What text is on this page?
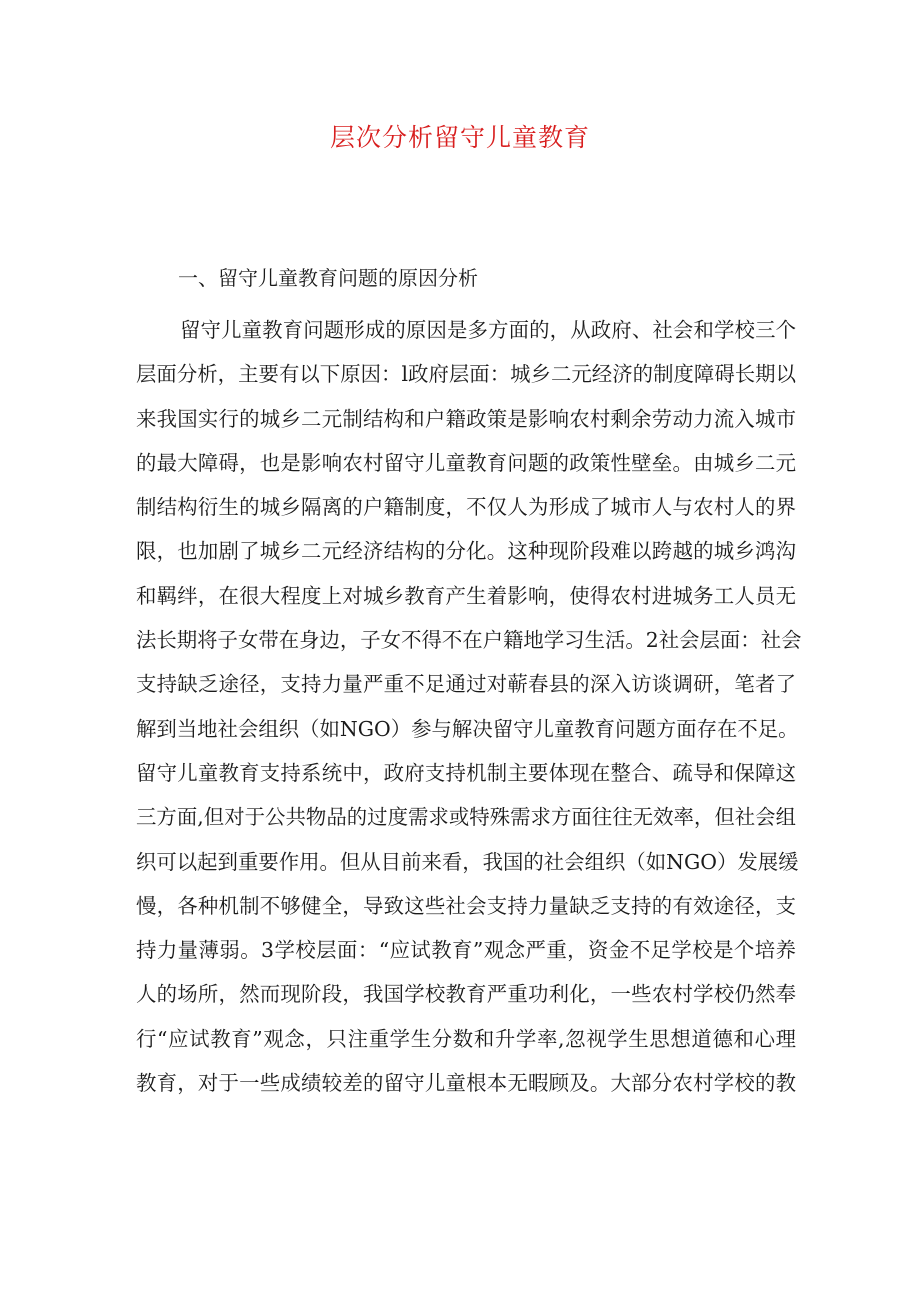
层次分析留守儿童教育
一、留守儿童教育问题的原因分析
留守儿童教育问题形成的原因是多方面的，从政府、社会和学校三个
层面分析，主要有以下原因：l政府层面：城乡二元经济的制度障碍长期以
来我国实行的城乡二元制结构和户籍政策是影响农村剩余劳动力流入城市
的最大障碍，也是影响农村留守儿童教育问题的政策性壁垒。由城乡二元
制结构衍生的城乡隔离的户籍制度，不仅人为形成了城市人与农村人的界
限，也加剧了城乡二元经济结构的分化。这种现阶段难以跨越的城乡鸿沟
和羁绊，在很大程度上对城乡教育产生着影响，使得农村进城务工人员无
法长期将子女带在身边，子女不得不在户籍地学习生活。2社会层面：社会
支持缺乏途径，支持力量严重不足通过对蕲春县的深入访谈调研，笔者了
解到当地社会组织（如NGO）参与解决留守儿童教育问题方面存在不足。
留守儿童教育支持系统中，政府支持机制主要体现在整合、疏导和保障这
三方面,但对于公共物品的过度需求或特殊需求方面往往无效率，但社会组
织可以起到重要作用。但从目前来看，我国的社会组织（如NGO）发展缓
慢，各种机制不够健全，导致这些社会支持力量缺乏支持的有效途径，支
持力量薄弱。3学校层面：“应试教育”观念严重，资金不足学校是个培养
人的场所，然而现阶段，我国学校教育严重功利化，一些农村学校仍然奉
行“应试教育”观念，只注重学生分数和升学率,忽视学生思想道德和心理
教育，对于一些成绩较差的留守儿童根本无暇顾及。大部分农村学校的教
